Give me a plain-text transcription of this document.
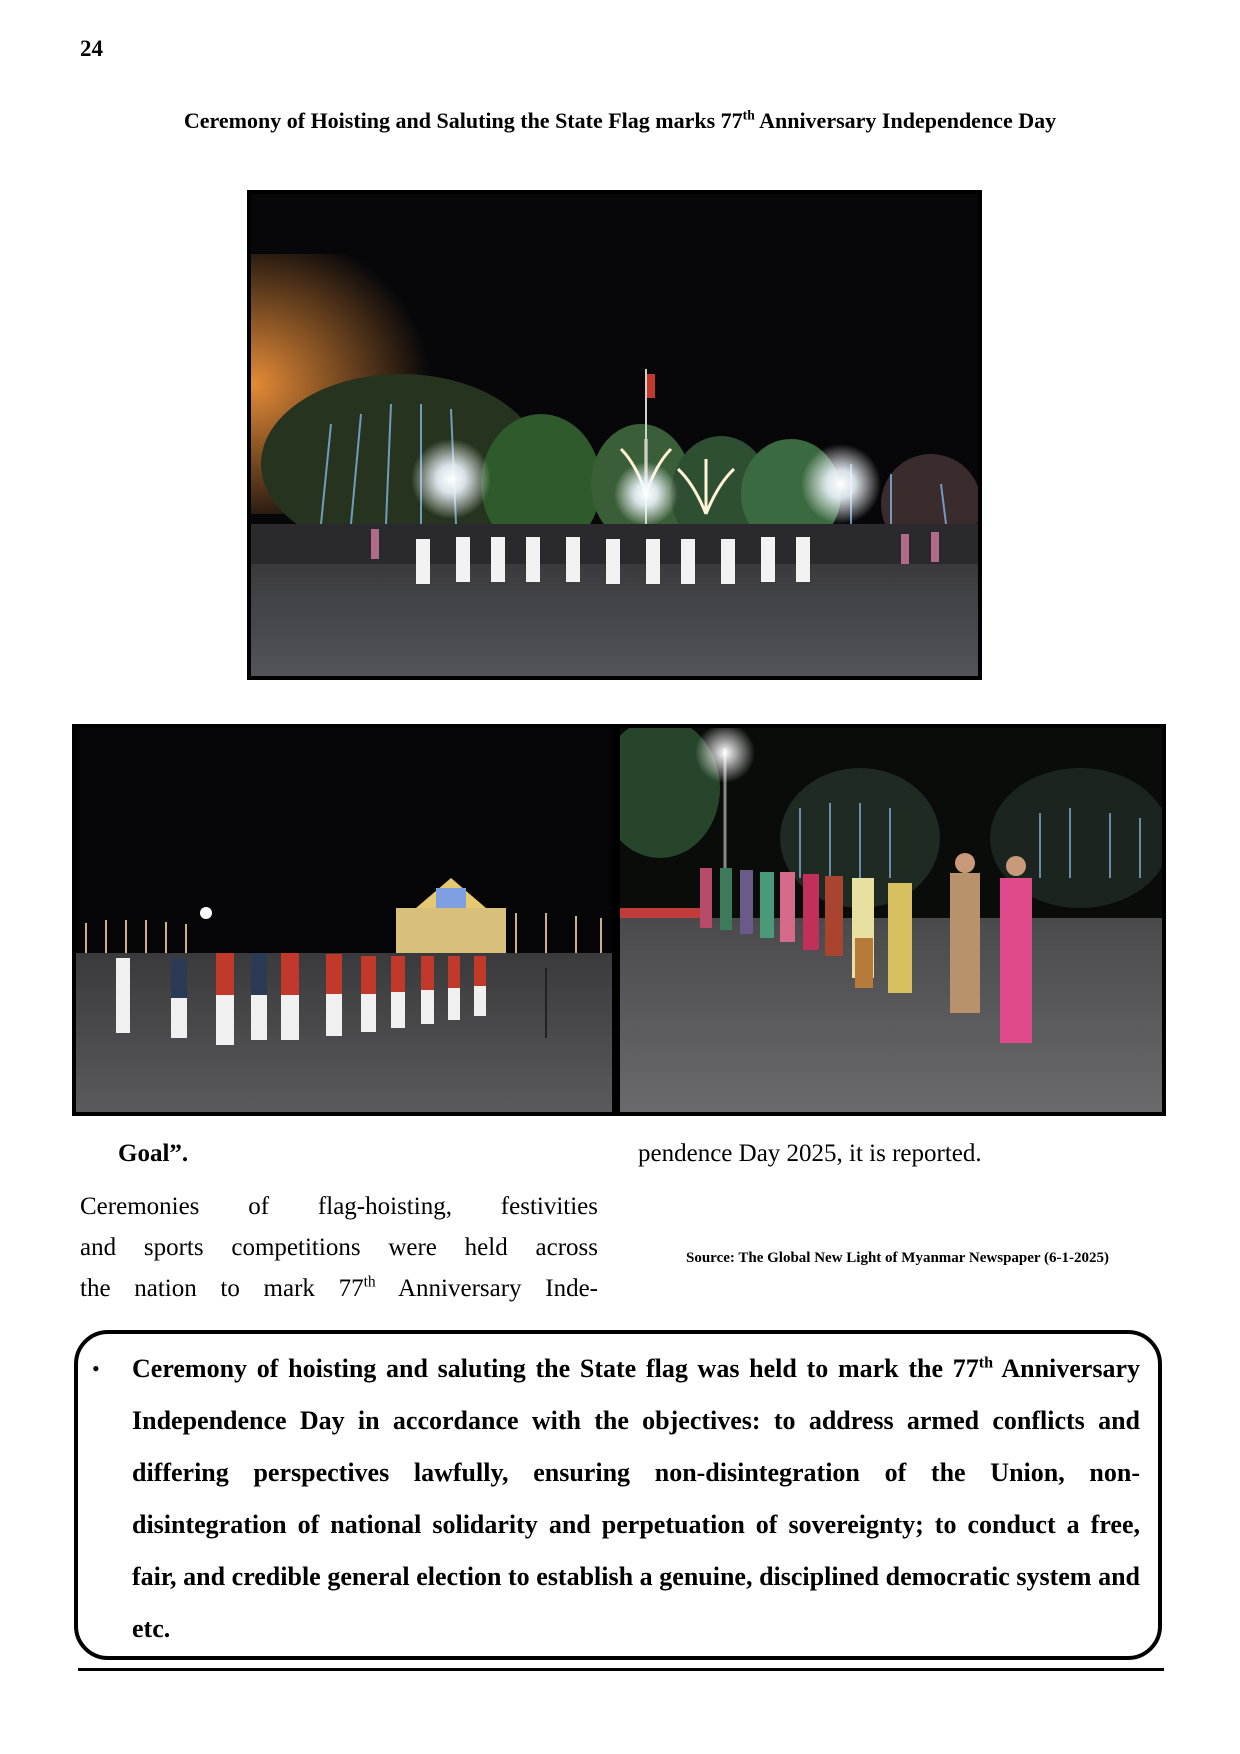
24
Ceremony of Hoisting and Saluting the State Flag marks 77th Anniversary Independence Day
Goal”.
Ceremonies of flag-hoisting, festivities
and sports competitions were held across
the nation to mark 77th Anniversary Inde-
pendence Day 2025, it is reported.
Source: The Global New Light of Myanmar Newspaper (6-1-2025)
• Ceremony of hoisting and saluting the State flag was held to mark the 77th Anniversary Independence Day in accordance with the objectives: to address armed conflicts and differing perspectives lawfully, ensuring non-disintegration of the Union, non-disintegration of national solidarity and perpetuation of sovereignty; to conduct a free, fair, and credible general election to establish a genuine, disciplined democratic system and etc.
